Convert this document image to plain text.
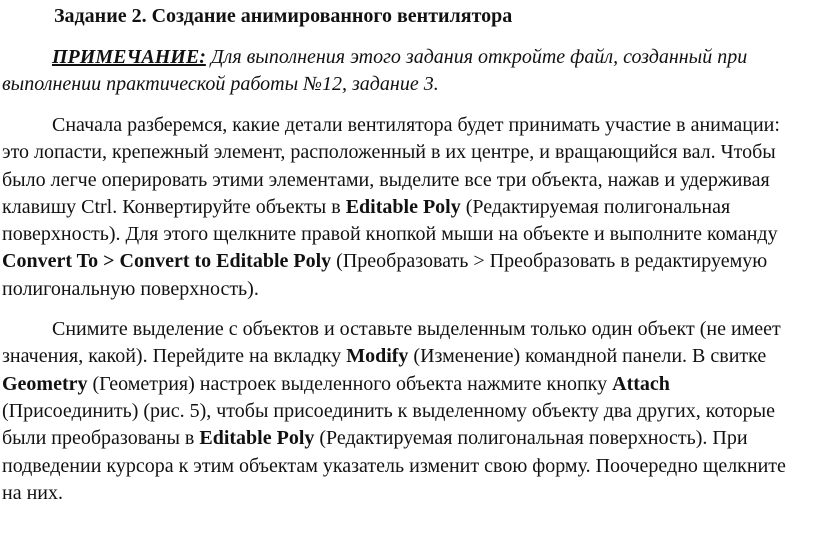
Задание 2. Создание анимированного вентилятора

ПРИМЕЧАНИЕ: Для выполнения этого задания откройте файл, созданный при выполнении практической работы №12, задание 3.

Сначала разберемся, какие детали вентилятора будет принимать участие в анимации: это лопасти, крепежный элемент, расположенный в их центре, и вращающийся вал. Чтобы было легче оперировать этими элементами, выделите все три объекта, нажав и удерживая клавишу Ctrl. Конвертируйте объекты в Editable Poly (Редактируемая полигональная поверхность). Для этого щелкните правой кнопкой мыши на объекте и выполните команду Convert To > Convert to Editable Poly (Преобразовать > Преобразовать в редактируемую полигональную поверхность).

Снимите выделение с объектов и оставьте выделенным только один объект (не имеет значения, какой). Перейдите на вкладку Modify (Изменение) командной панели. В свитке Geometry (Геометрия) настроек выделенного объекта нажмите кнопку Attach (Присоединить) (рис. 5), чтобы присоединить к выделенному объекту два других, которые были преобразованы в Editable Poly (Редактируемая полигональная поверхность). При подведении курсора к этим объектам указатель изменит свою форму. Поочередно щелкните на них.
